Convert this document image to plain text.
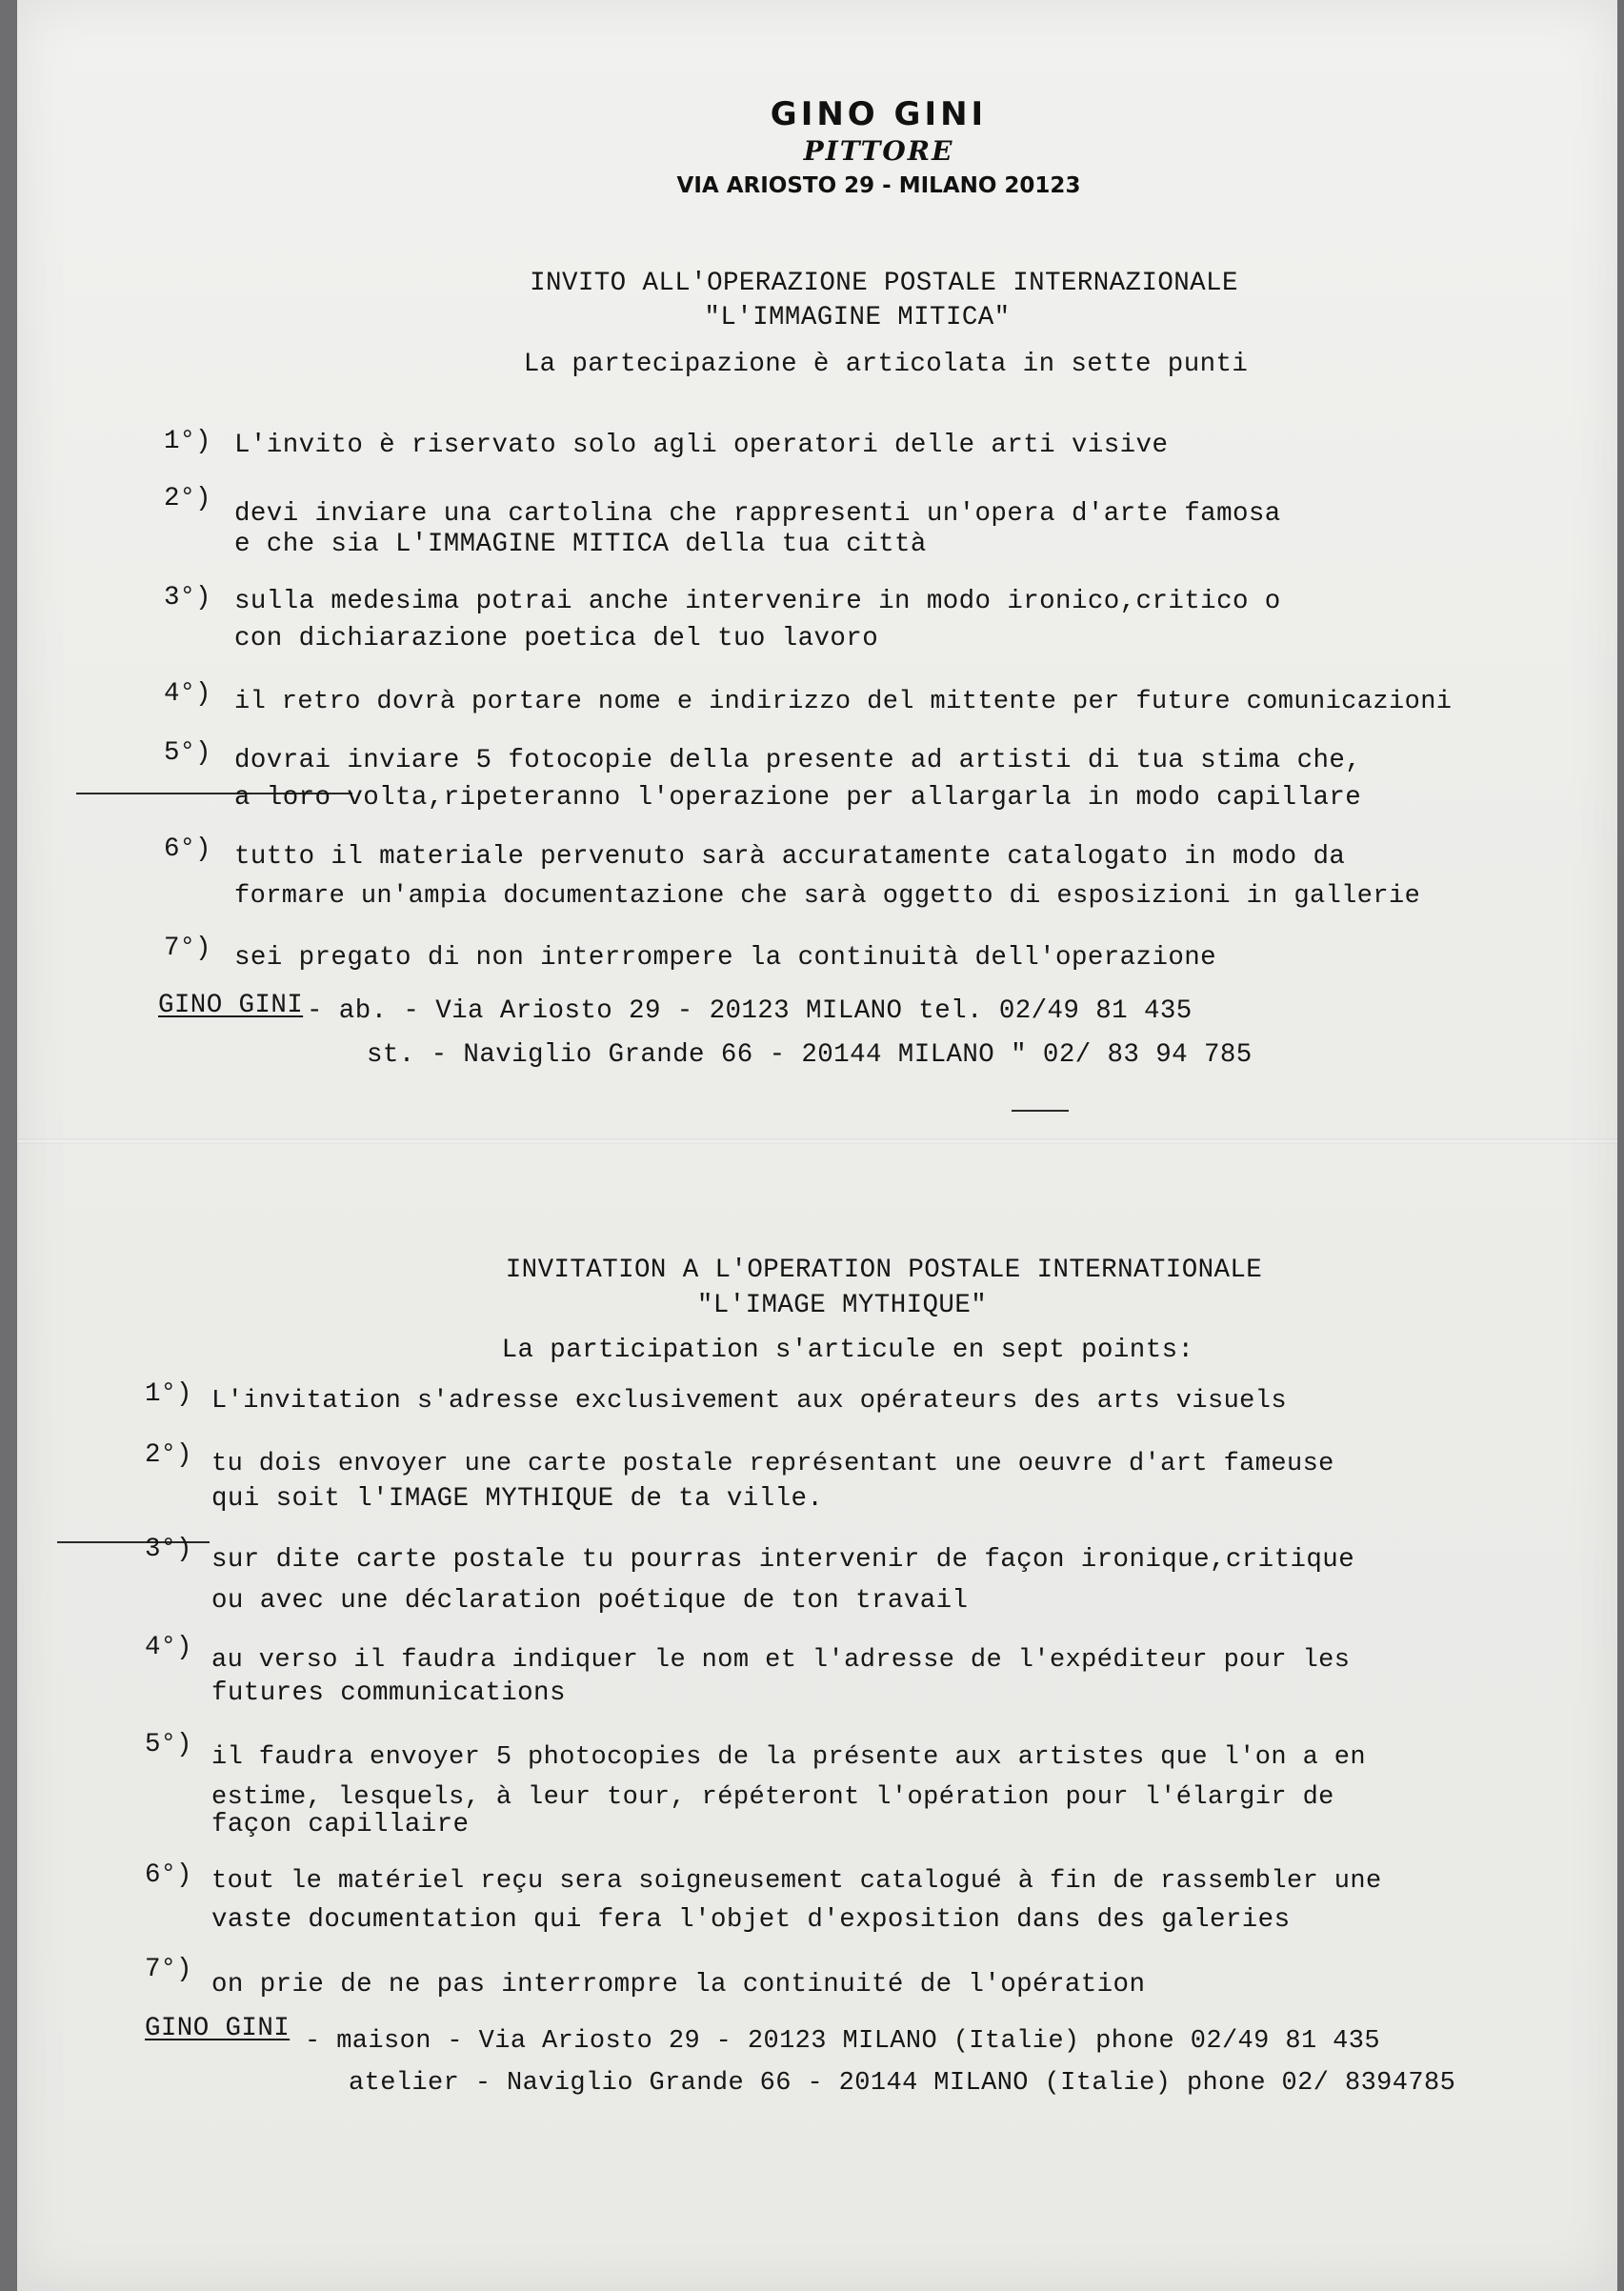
GINO GINI
PITTORE
VIA ARIOSTO 29 - MILANO 20123
INVITO ALL'OPERAZIONE POSTALE INTERNAZIONALE
"L'IMMAGINE MITICA"
La partecipazione è articolata in sette punti
1°) L'invito è riservato solo agli operatori delle arti visive
2°)
devi inviare una cartolina che rappresenti un'opera d'arte famosa
e che sia L'IMMAGINE MITICA della tua città
3°) sulla medesima potrai anche intervenire in modo ironico,critico o
con dichiarazione poetica del tuo lavoro
4°) il retro dovrà portare nome e indirizzo del mittente per future comunicazioni
5°) dovrai inviare 5 fotocopie della presente ad artisti di tua stima che,
a loro volta,ripeteranno l'operazione per allargarla in modo capillare
6°) tutto il materiale pervenuto sarà accuratamente catalogato in modo da
formare un'ampia documentazione che sarà oggetto di esposizioni in gallerie
7°) sei pregato di non interrompere la continuità dell'operazione
GINO GINI - ab. - Via Ariosto 29 - 20123 MILANO tel. 02/49 81 435
st. - Naviglio Grande 66 - 20144 MILANO " 02/ 83 94 785
INVITATION A L'OPERATION POSTALE INTERNATIONALE
"L'IMAGE MYTHIQUE"
La participation s'articule en sept points:
1°) L'invitation s'adresse exclusivement aux opérateurs des arts visuels
2°) tu dois envoyer une carte postale représentant une oeuvre d'art fameuse
qui soit l'IMAGE MYTHIQUE de ta ville.
3°) sur dite carte postale tu pourras intervenir de façon ironique,critique
ou avec une déclaration poétique de ton travail
4°) au verso il faudra indiquer le nom et l'adresse de l'expéditeur pour les
futures communications
5°) il faudra envoyer 5 photocopies de la présente aux artistes que l'on a en
estime, lesquels, à leur tour, répéteront l'opération pour l'élargir de
façon capillaire
6°) tout le matériel reçu sera soigneusement catalogué à fin de rassembler une
vaste documentation qui fera l'objet d'exposition dans des galeries
7°)
on prie de ne pas interrompre la continuité de l'opération
GINO GINI - maison - Via Ariosto 29 - 20123 MILANO (Italie) phone 02/49 81 435
atelier - Naviglio Grande 66 - 20144 MILANO (Italie) phone 02/ 8394785
